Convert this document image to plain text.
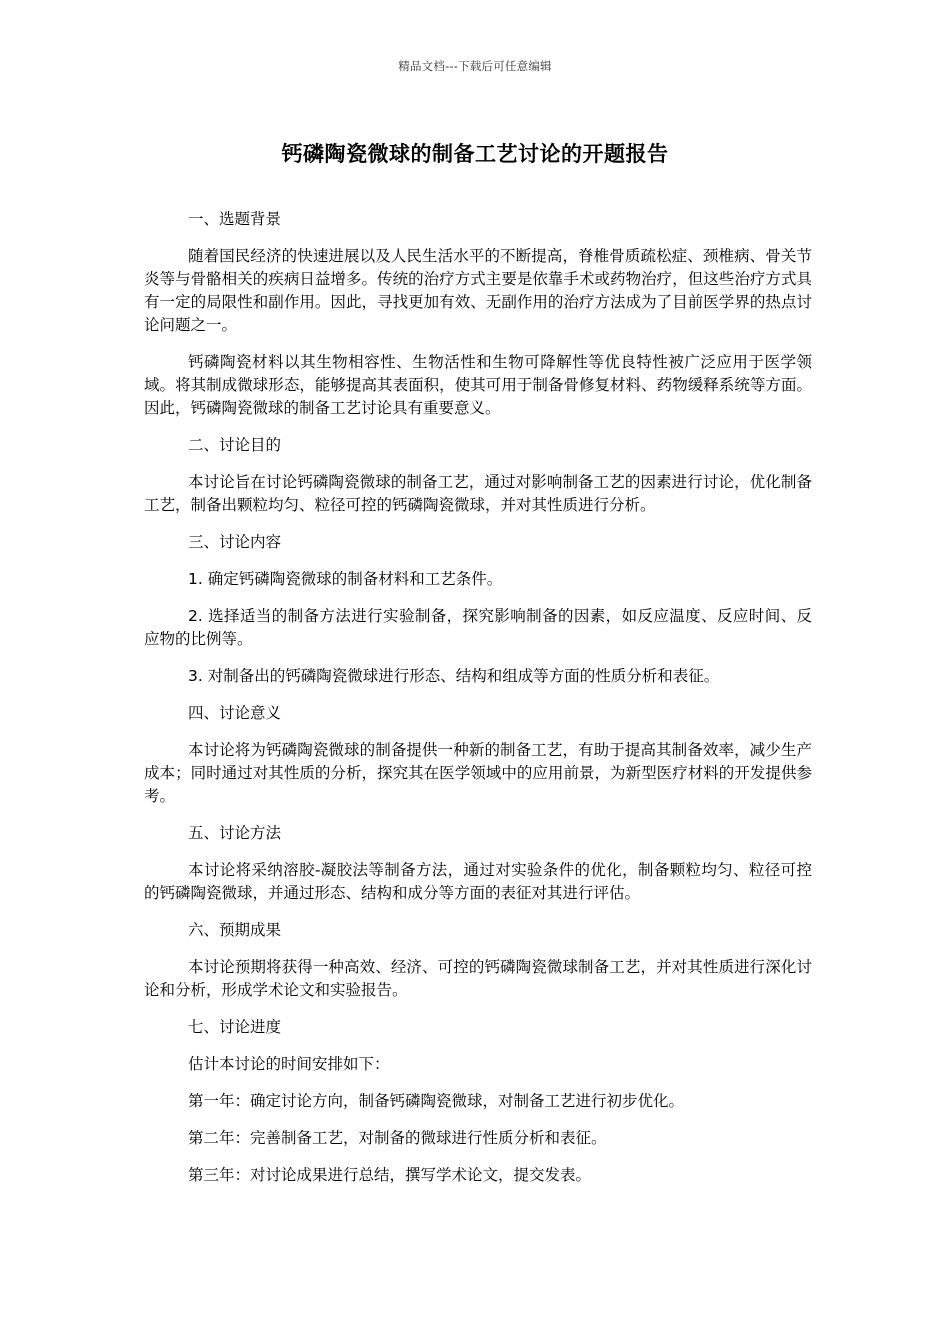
精品文档---下载后可任意编辑
钙磷陶瓷微球的制备工艺讨论的开题报告

一、选题背景

随着国民经济的快速进展以及人民生活水平的不断提高，脊椎骨质疏松症、颈椎病、骨关节炎等与骨骼相关的疾病日益增多。传统的治疗方式主要是依靠手术或药物治疗，但这些治疗方式具有一定的局限性和副作用。因此，寻找更加有效、无副作用的治疗方法成为了目前医学界的热点讨论问题之一。

钙磷陶瓷材料以其生物相容性、生物活性和生物可降解性等优良特性被广泛应用于医学领域。将其制成微球形态，能够提高其表面积，使其可用于制备骨修复材料、药物缓释系统等方面。因此，钙磷陶瓷微球的制备工艺讨论具有重要意义。

二、讨论目的

本讨论旨在讨论钙磷陶瓷微球的制备工艺，通过对影响制备工艺的因素进行讨论，优化制备工艺，制备出颗粒均匀、粒径可控的钙磷陶瓷微球，并对其性质进行分析。

三、讨论内容

1. 确定钙磷陶瓷微球的制备材料和工艺条件。

2. 选择适当的制备方法进行实验制备，探究影响制备的因素，如反应温度、反应时间、反应物的比例等。

3. 对制备出的钙磷陶瓷微球进行形态、结构和组成等方面的性质分析和表征。

四、讨论意义

本讨论将为钙磷陶瓷微球的制备提供一种新的制备工艺，有助于提高其制备效率，减少生产成本；同时通过对其性质的分析，探究其在医学领域中的应用前景，为新型医疗材料的开发提供参考。

五、讨论方法

本讨论将采纳溶胶-凝胶法等制备方法，通过对实验条件的优化，制备颗粒均匀、粒径可控的钙磷陶瓷微球，并通过形态、结构和成分等方面的表征对其进行评估。

六、预期成果

本讨论预期将获得一种高效、经济、可控的钙磷陶瓷微球制备工艺，并对其性质进行深化讨论和分析，形成学术论文和实验报告。

七、讨论进度

估计本讨论的时间安排如下：

第一年：确定讨论方向，制备钙磷陶瓷微球，对制备工艺进行初步优化。

第二年：完善制备工艺，对制备的微球进行性质分析和表征。

第三年：对讨论成果进行总结，撰写学术论文，提交发表。
